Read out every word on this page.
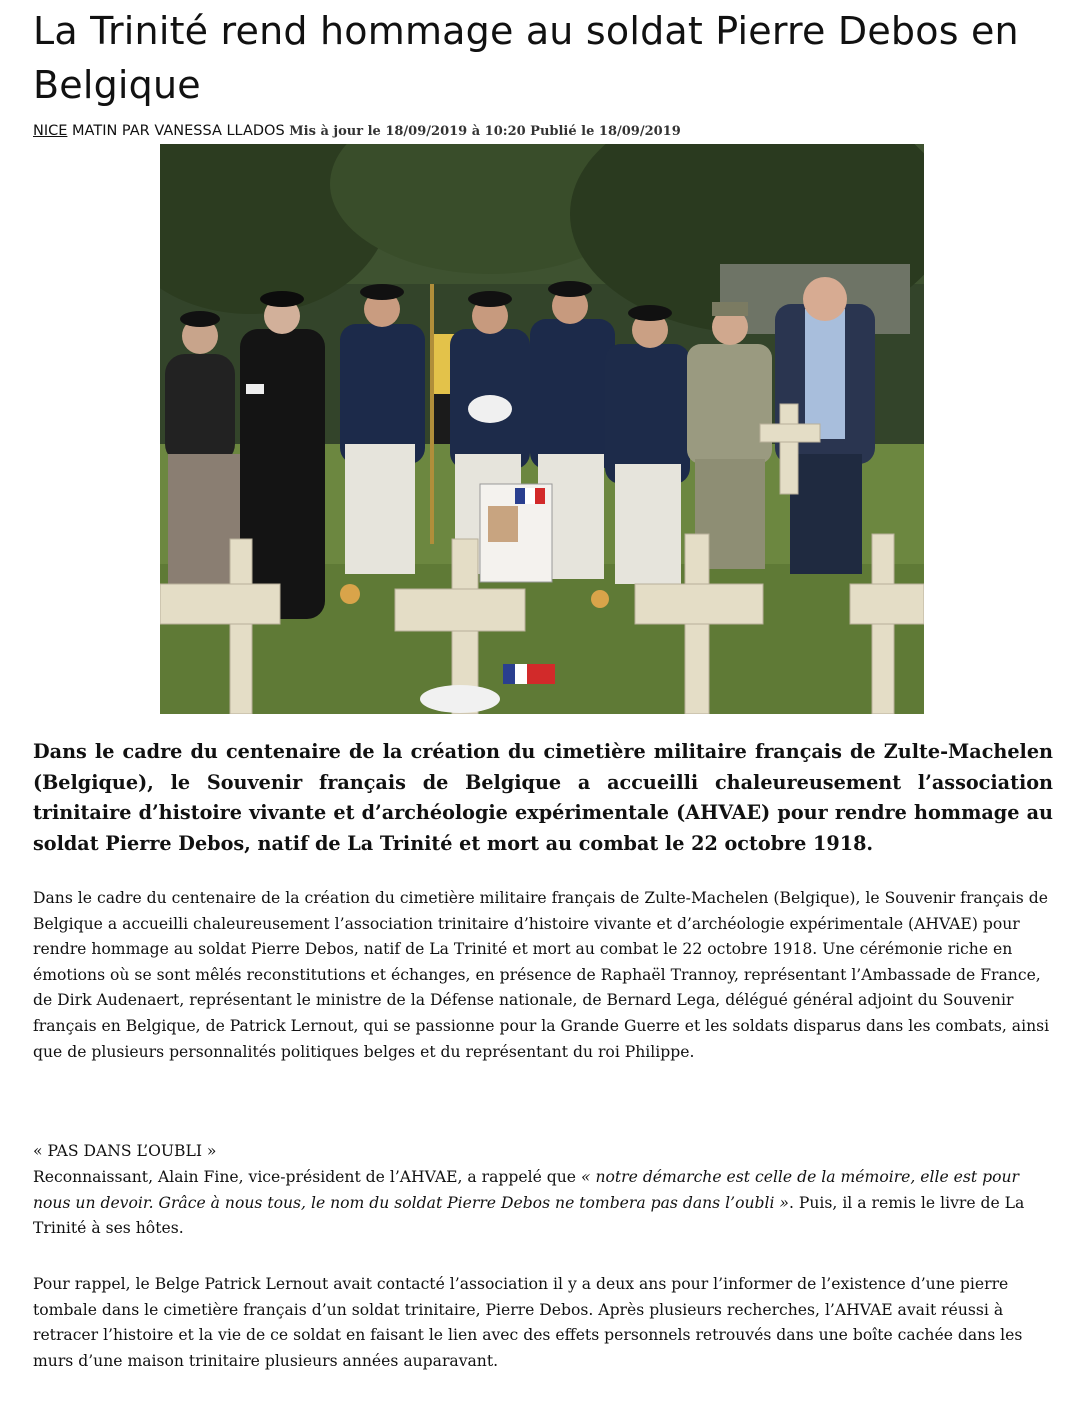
La Trinité rend hommage au soldat Pierre Debos en Belgique
NICE MATIN PAR VANESSA LLADOS Mis à jour le 18/09/2019 à 10:20 Publié le 18/09/2019

Dans le cadre du centenaire de la création du cimetière militaire français de Zulte-Machelen (Belgique), le Souvenir français de Belgique a accueilli chaleureusement l’association trinitaire d’histoire vivante et d’archéologie expérimentale (AHVAE) pour rendre hommage au soldat Pierre Debos, natif de La Trinité et mort au combat le 22 octobre 1918.

Dans le cadre du centenaire de la création du cimetière militaire français de Zulte-Machelen (Belgique), le Souvenir français de Belgique a accueilli chaleureusement l’association trinitaire d’histoire vivante et d’archéologie expérimentale (AHVAE) pour rendre hommage au soldat Pierre Debos, natif de La Trinité et mort au combat le 22 octobre 1918. Une cérémonie riche en émotions où se sont mêlés reconstitutions et échanges, en présence de Raphaël Trannoy, représentant l’Ambassade de France, de Dirk Audenaert, représentant le ministre de la Défense nationale, de Bernard Lega, délégué général adjoint du Souvenir français en Belgique, de Patrick Lernout, qui se passionne pour la Grande Guerre et les soldats disparus dans les combats, ainsi que de plusieurs personnalités politiques belges et du représentant du roi Philippe.

« PAS DANS L’OUBLI »

Reconnaissant, Alain Fine, vice-président de l’AHVAE, a rappelé que « notre démarche est celle de la mémoire, elle est pour nous un devoir. Grâce à nous tous, le nom du soldat Pierre Debos ne tombera pas dans l’oubli ». Puis, il a remis le livre de La Trinité à ses hôtes.

Pour rappel, le Belge Patrick Lernout avait contacté l’association il y a deux ans pour l’informer de l’existence d’une pierre tombale dans le cimetière français d’un soldat trinitaire, Pierre Debos. Après plusieurs recherches, l’AHVAE avait réussi à retracer l’histoire et la vie de ce soldat en faisant le lien avec des effets personnels retrouvés dans une boîte cachée dans les murs d’une maison trinitaire plusieurs années auparavant.
